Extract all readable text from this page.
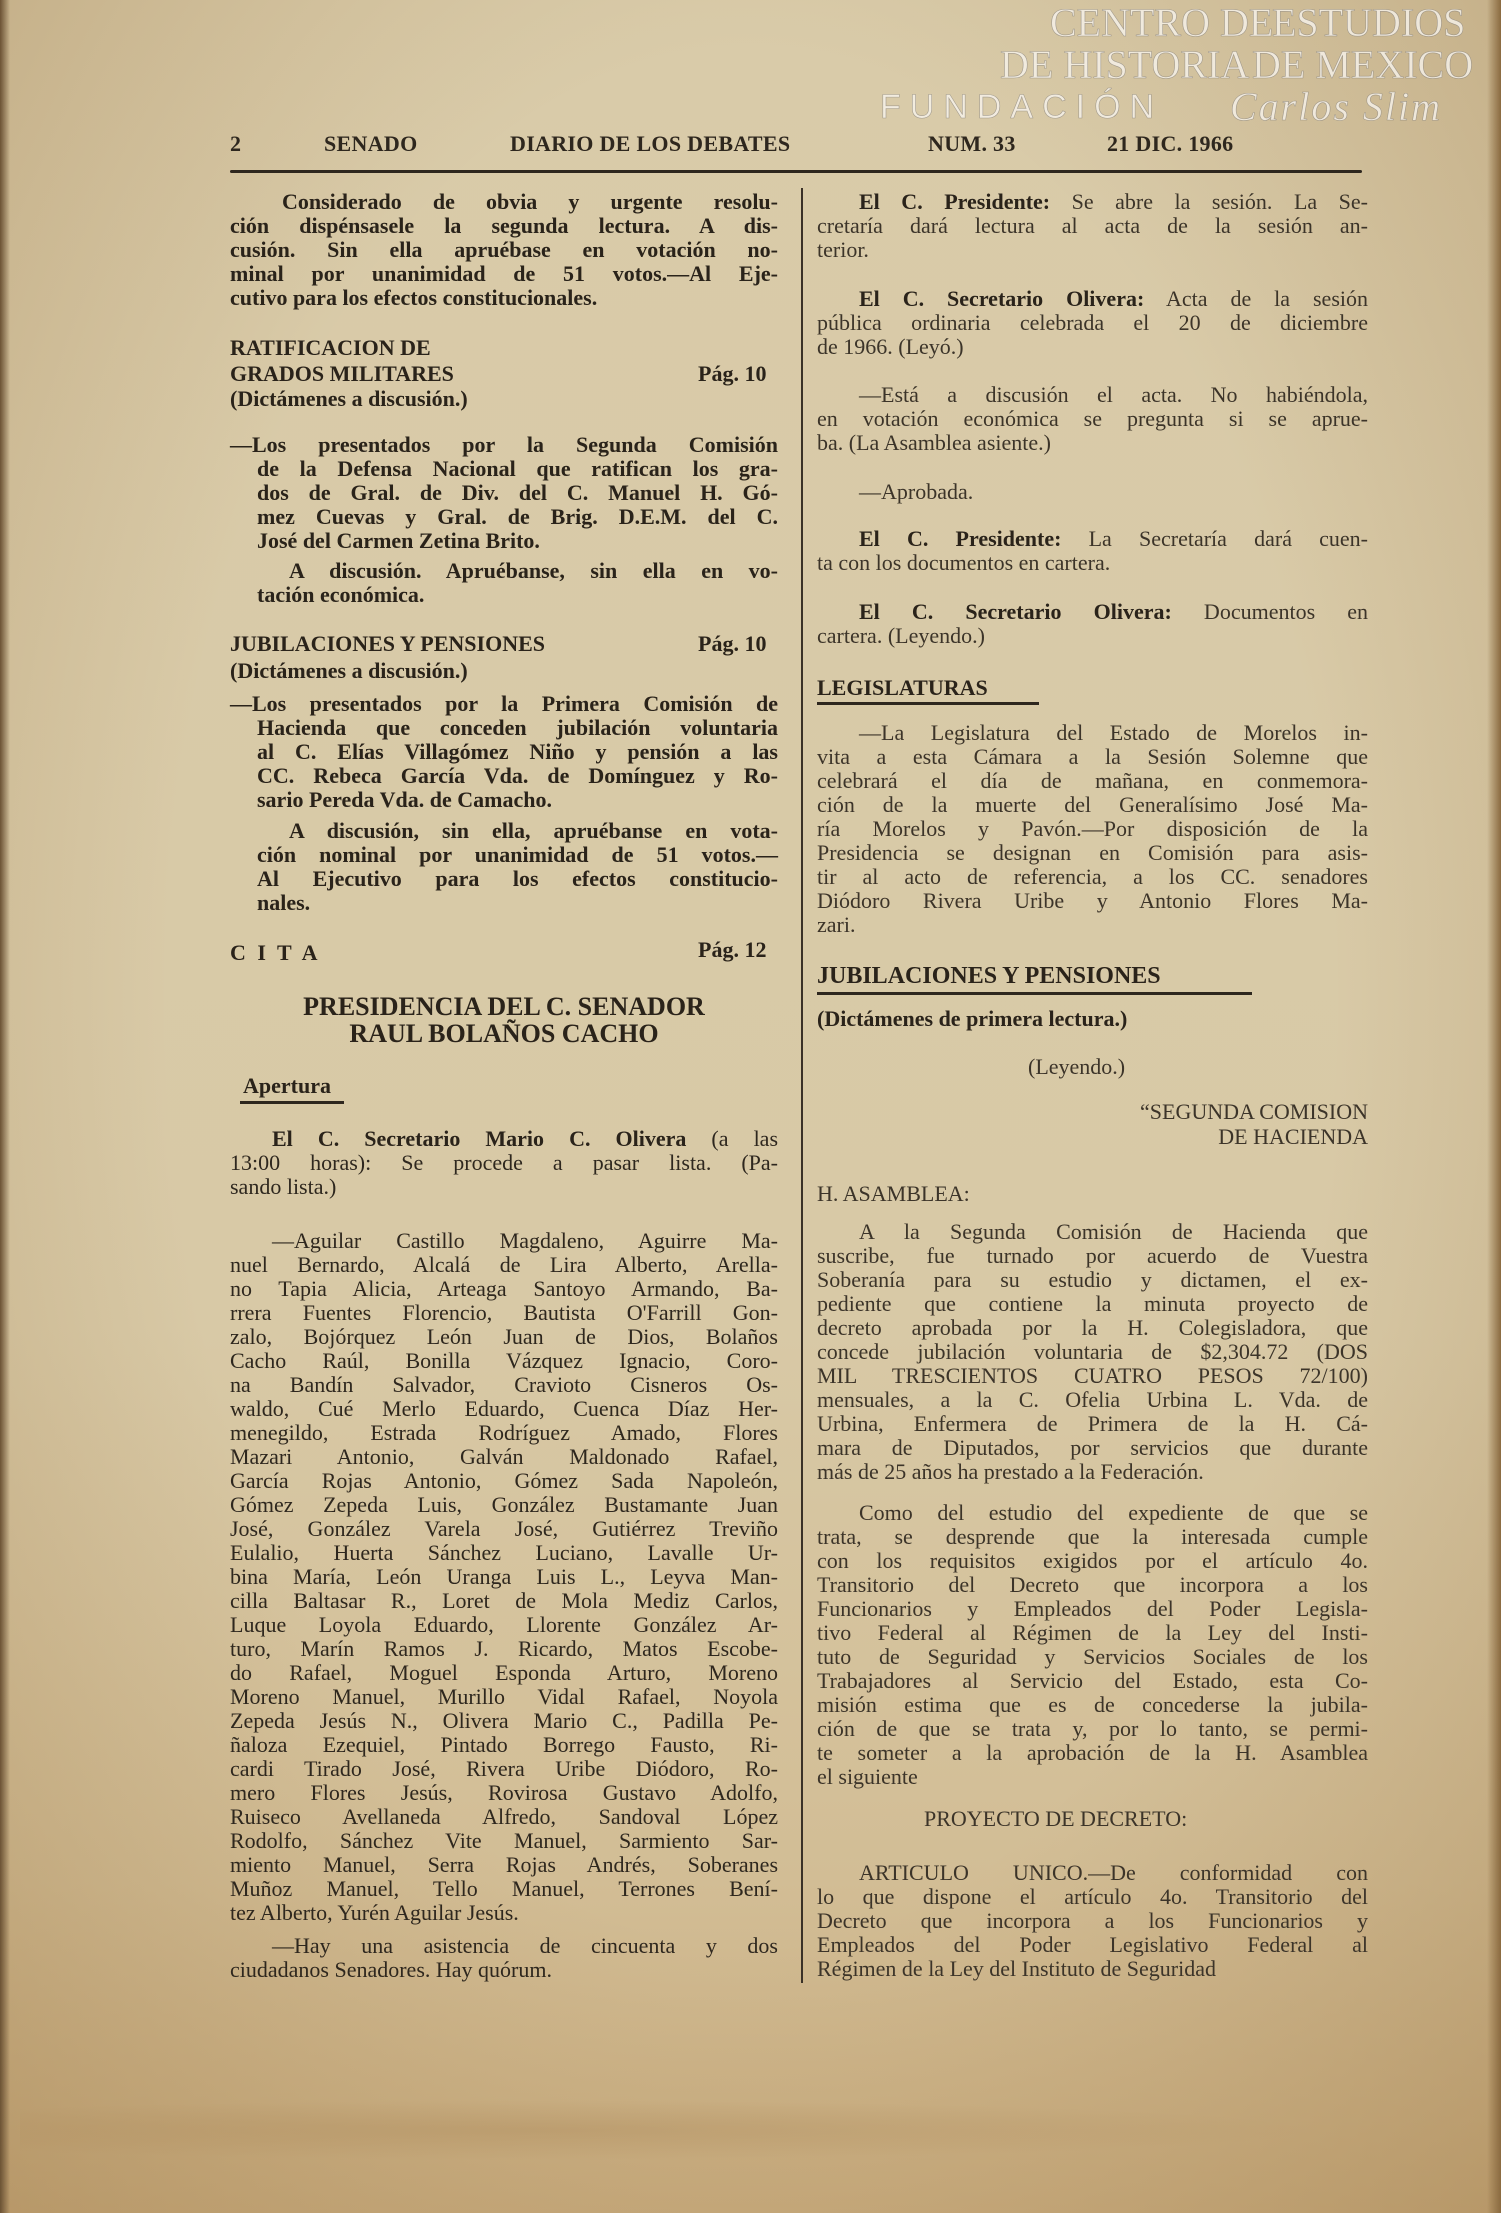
CENTRO DE
ESTUDIOS
DE HISTORIA DE MEXICO
FUNDACIÓN Carlos Slim
2	SENADO	DIARIO DE LOS DEBATES	NUM. 33	21 DIC. 1966
Considerado de obvia y urgente resolu-
ción dispénsasele la segunda lectura. A dis-
cusión. Sin ella apruébase en votación no-
minal por unanimidad de 51 votos.—Al Eje-
cutivo para los efectos constitucionales.
RATIFICACION DE
GRADOS MILITARES	Pág. 10
(Dictámenes a discusión.)
—Los presentados por la Segunda Comisión
de la Defensa Nacional que ratifican los gra-
dos de Gral. de Div. del C. Manuel H. Gó-
mez Cuevas y Gral. de Brig. D.E.M. del C.
José del Carmen Zetina Brito.
A discusión. Apruébanse, sin ella en vo-
tación económica.
JUBILACIONES Y PENSIONES	Pág. 10
(Dictámenes a discusión.)
—Los presentados por la Primera Comisión de
Hacienda que conceden jubilación voluntaria
al C. Elías Villagómez Niño y pensión a las
CC. Rebeca García Vda. de Domínguez y Ro-
sario Pereda Vda. de Camacho.
A discusión, sin ella, apruébanse en vota-
ción nominal por unanimidad de 51 votos.—
Al Ejecutivo para los efectos constitucio-
nales.
C I T A	Pág. 12
PRESIDENCIA DEL C. SENADOR
RAUL BOLAÑOS CACHO
Apertura
El C. Secretario Mario C. Olivera (a las
13:00 horas): Se procede a pasar lista. (Pa-
sando lista.)
—Aguilar Castillo Magdaleno, Aguirre Ma-
nuel Bernardo, Alcalá de Lira Alberto, Arella-
no Tapia Alicia, Arteaga Santoyo Armando, Ba-
rrera Fuentes Florencio, Bautista O'Farrill Gon-
zalo, Bojórquez León Juan de Dios, Bolaños
Cacho Raúl, Bonilla Vázquez Ignacio, Coro-
na Bandín Salvador, Cravioto Cisneros Os-
waldo, Cué Merlo Eduardo, Cuenca Díaz Her-
menegildo, Estrada Rodríguez Amado, Flores
Mazari Antonio, Galván Maldonado Rafael,
García Rojas Antonio, Gómez Sada Napoleón,
Gómez Zepeda Luis, González Bustamante Juan
José, González Varela José, Gutiérrez Treviño
Eulalio, Huerta Sánchez Luciano, Lavalle Ur-
bina María, León Uranga Luis L., Leyva Man-
cilla Baltasar R., Loret de Mola Mediz Carlos,
Luque Loyola Eduardo, Llorente González Ar-
turo, Marín Ramos J. Ricardo, Matos Escobe-
do Rafael, Moguel Esponda Arturo, Moreno
Moreno Manuel, Murillo Vidal Rafael, Noyola
Zepeda Jesús N., Olivera Mario C., Padilla Pe-
ñaloza Ezequiel, Pintado Borrego Fausto, Ri-
cardi Tirado José, Rivera Uribe Diódoro, Ro-
mero Flores Jesús, Rovirosa Gustavo Adolfo,
Ruiseco Avellaneda Alfredo, Sandoval López
Rodolfo, Sánchez Vite Manuel, Sarmiento Sar-
miento Manuel, Serra Rojas Andrés, Soberanes
Muñoz Manuel, Tello Manuel, Terrones Bení-
tez Alberto, Yurén Aguilar Jesús.
—Hay una asistencia de cincuenta y dos
ciudadanos Senadores. Hay quórum.
El C. Presidente: Se abre la sesión. La Se-
cretaría dará lectura al acta de la sesión an-
terior.
El C. Secretario Olivera: Acta de la sesión
pública ordinaria celebrada el 20 de diciembre
de 1966. (Leyó.)
—Está a discusión el acta. No habiéndola,
en votación económica se pregunta si se aprue-
ba. (La Asamblea asiente.)
—Aprobada.
El C. Presidente: La Secretaría dará cuen-
ta con los documentos en cartera.
El C. Secretario Olivera: Documentos en
cartera. (Leyendo.)
LEGISLATURAS
—La Legislatura del Estado de Morelos in-
vita a esta Cámara a la Sesión Solemne que
celebrará el día de mañana, en conmemora-
ción de la muerte del Generalísimo José Ma-
ría Morelos y Pavón.—Por disposición de la
Presidencia se designan en Comisión para asis-
tir al acto de referencia, a los CC. senadores
Diódoro Rivera Uribe y Antonio Flores Ma-
zari.
JUBILACIONES Y PENSIONES
(Dictámenes de primera lectura.)
(Leyendo.)
“SEGUNDA COMISION
DE HACIENDA
H. ASAMBLEA:
A la Segunda Comisión de Hacienda que
suscribe, fue turnado por acuerdo de Vuestra
Soberanía para su estudio y dictamen, el ex-
pediente que contiene la minuta proyecto de
decreto aprobada por la H. Colegisladora, que
concede jubilación voluntaria de $2,304.72 (DOS
MIL TRESCIENTOS CUATRO PESOS 72/100)
mensuales, a la C. Ofelia Urbina L. Vda. de
Urbina, Enfermera de Primera de la H. Cá-
mara de Diputados, por servicios que durante
más de 25 años ha prestado a la Federación.
Como del estudio del expediente de que se
trata, se desprende que la interesada cumple
con los requisitos exigidos por el artículo 4o.
Transitorio del Decreto que incorpora a los
Funcionarios y Empleados del Poder Legisla-
tivo Federal al Régimen de la Ley del Insti-
tuto de Seguridad y Servicios Sociales de los
Trabajadores al Servicio del Estado, esta Co-
misión estima que es de concederse la jubila-
ción de que se trata y, por lo tanto, se permi-
te someter a la aprobación de la H. Asamblea
el siguiente
PROYECTO DE DECRETO:
ARTICULO UNICO.—De conformidad con
lo que dispone el artículo 4o. Transitorio del
Decreto que incorpora a los Funcionarios y
Empleados del Poder Legislativo Federal al
Régimen de la Ley del Instituto de Seguridad
